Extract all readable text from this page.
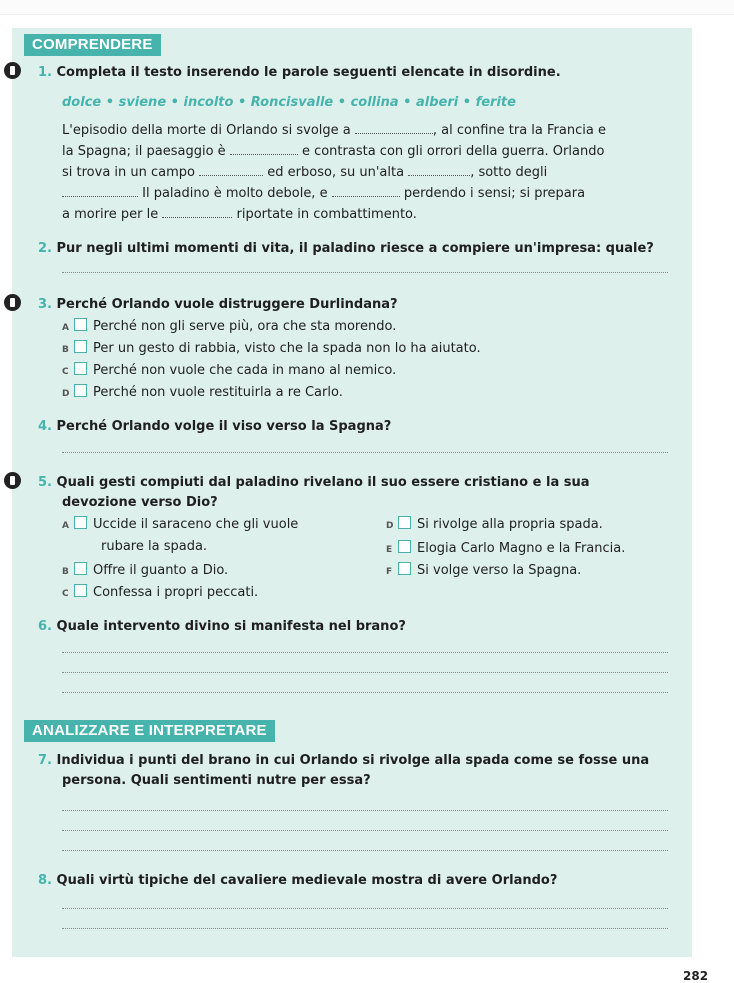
COMPRENDERE
1. Completa il testo inserendo le parole seguenti elencate in disordine.
dolce • sviene • incolto • Roncisvalle • collina • alberi • ferite
L'episodio della morte di Orlando si svolge a	, al confine tra la Francia e
la Spagna; il paesaggio è	e contrasta con gli orrori della guerra. Orlando
si trova in un campo	ed erboso, su un'alta	, sotto degli
Il paladino è molto debole, e	perdendo i sensi; si prepara
a morire per le	riportate in combattimento.
2. Pur negli ultimi momenti di vita, il paladino riesce a compiere un'impresa: quale?
3. Perché Orlando vuole distruggere Durlindana?
A Perché non gli serve più, ora che sta morendo.
B Per un gesto di rabbia, visto che la spada non lo ha aiutato.
C Perché non vuole che cada in mano al nemico.
D Perché non vuole restituirla a re Carlo.
4. Perché Orlando volge il viso verso la Spagna?
5. Quali gesti compiuti dal paladino rivelano il suo essere cristiano e la sua
devozione verso Dio?
A Uccide il saraceno che gli vuole
rubare la spada.
B Offre il guanto a Dio.
C Confessa i propri peccati.
D Si rivolge alla propria spada.
E Elogia Carlo Magno e la Francia.
F Si volge verso la Spagna.
6. Quale intervento divino si manifesta nel brano?
ANALIZZARE E INTERPRETARE
7. Individua i punti del brano in cui Orlando si rivolge alla spada come se fosse una
persona. Quali sentimenti nutre per essa?
8. Quali virtù tipiche del cavaliere medievale mostra di avere Orlando?
282
